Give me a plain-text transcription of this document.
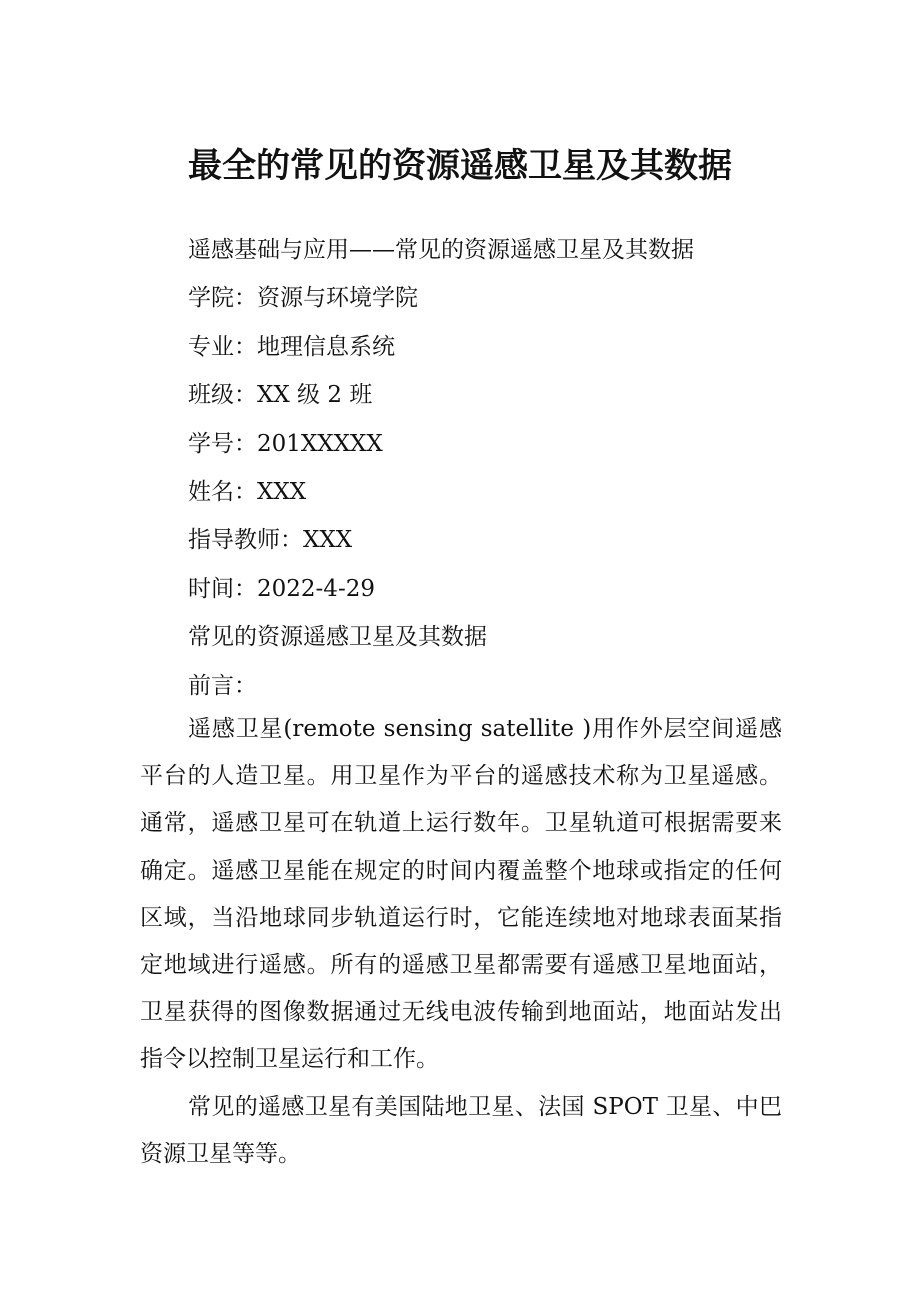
最全的常见的资源遥感卫星及其数据

遥感基础与应用——常见的资源遥感卫星及其数据

学院：资源与环境学院

专业：地理信息系统

班级：XX 级 2 班

学号：201XXXXX

姓名：XXX

指导教师：XXX

时间：2022-4-29

常见的资源遥感卫星及其数据

前言：

遥感卫星(remote sensing satellite )用作外层空间遥感平台的人造卫星。用卫星作为平台的遥感技术称为卫星遥感。通常，遥感卫星可在轨道上运行数年。卫星轨道可根据需要来确定。遥感卫星能在规定的时间内覆盖整个地球或指定的任何区域，当沿地球同步轨道运行时，它能连续地对地球表面某指定地域进行遥感。所有的遥感卫星都需要有遥感卫星地面站，卫星获得的图像数据通过无线电波传输到地面站，地面站发出指令以控制卫星运行和工作。

常见的遥感卫星有美国陆地卫星、法国 SPOT 卫星、中巴资源卫星等等。
